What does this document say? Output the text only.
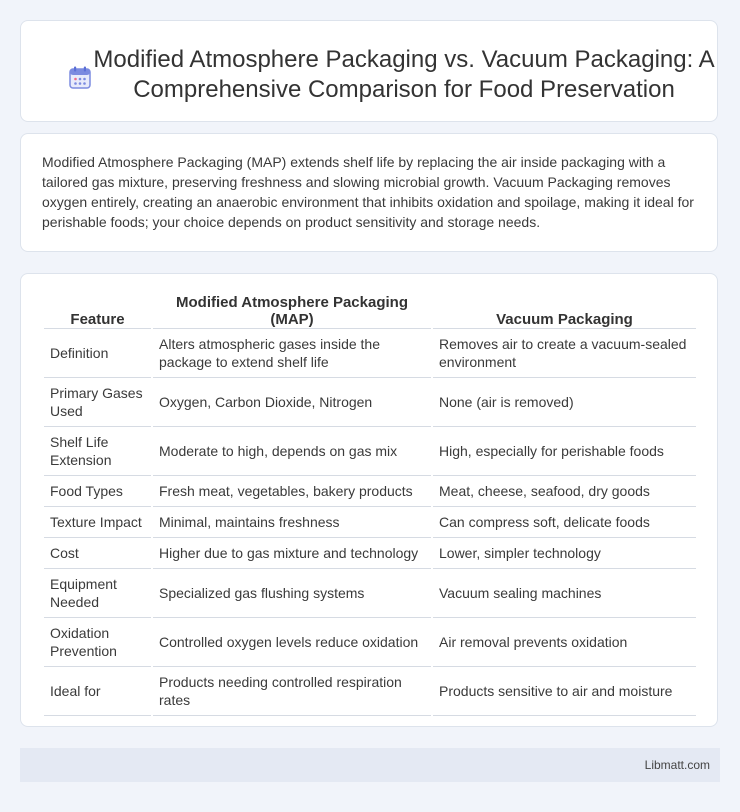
Modified Atmosphere Packaging vs. Vacuum Packaging: A Comprehensive Comparison for Food Preservation

Modified Atmosphere Packaging (MAP) extends shelf life by replacing the air inside packaging with a tailored gas mixture, preserving freshness and slowing microbial growth. Vacuum Packaging removes oxygen entirely, creating an anaerobic environment that inhibits oxidation and spoilage, making it ideal for perishable foods; your choice depends on product sensitivity and storage needs.

Feature	Modified Atmosphere Packaging (MAP)	Vacuum Packaging
Definition	Alters atmospheric gases inside the package to extend shelf life	Removes air to create a vacuum-sealed environment
Primary Gases Used	Oxygen, Carbon Dioxide, Nitrogen	None (air is removed)
Shelf Life Extension	Moderate to high, depends on gas mix	High, especially for perishable foods
Food Types	Fresh meat, vegetables, bakery products	Meat, cheese, seafood, dry goods
Texture Impact	Minimal, maintains freshness	Can compress soft, delicate foods
Cost	Higher due to gas mixture and technology	Lower, simpler technology
Equipment Needed	Specialized gas flushing systems	Vacuum sealing machines
Oxidation Prevention	Controlled oxygen levels reduce oxidation	Air removal prevents oxidation
Ideal for	Products needing controlled respiration rates	Products sensitive to air and moisture
Libmatt.com
